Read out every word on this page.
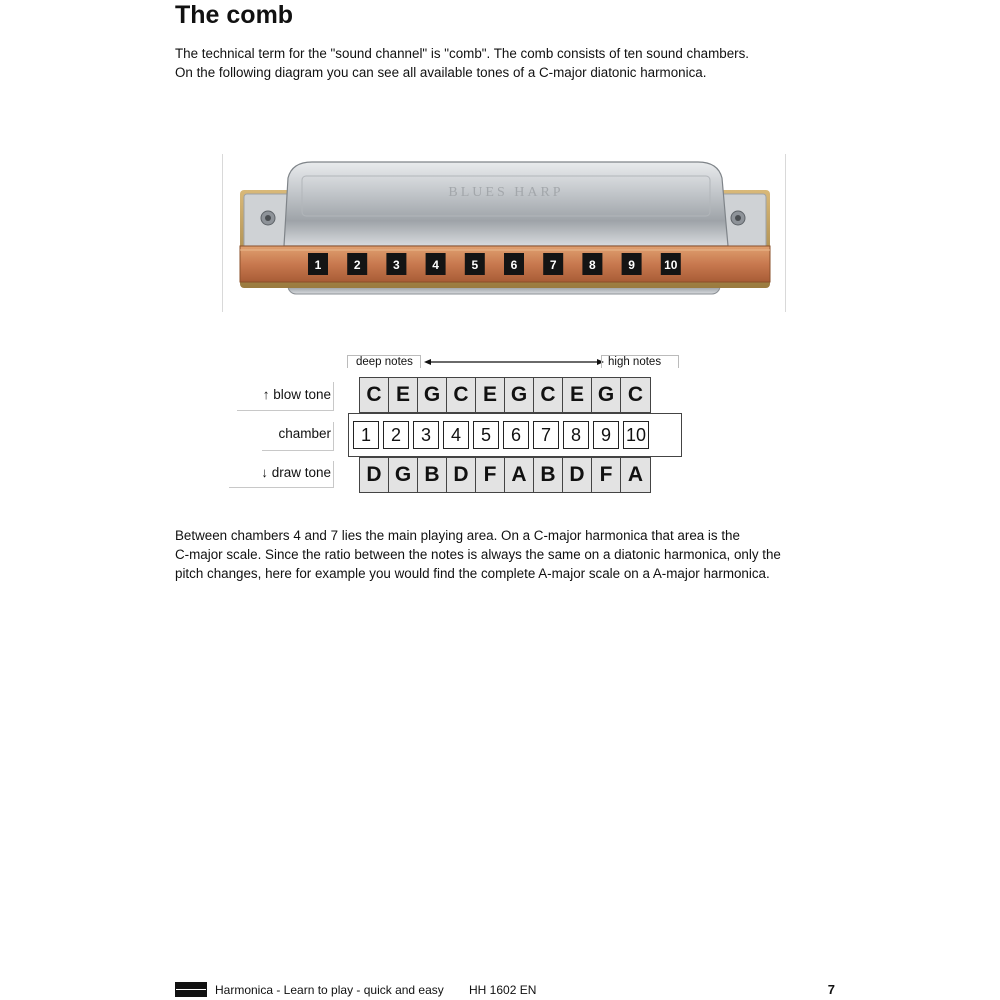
The comb

The technical term for the "sound channel" is "comb". The comb consists of ten sound chambers.
On the following diagram you can see all available tones of a C-major diatonic harmonica.

BLUES HARP
1	2	3	4	5	6	7	8	9 10
deep notes	high notes
↑ blow tone	C E G C E G C E G C
chamber	1	2	3	4	5	6	7	8	9 10
↓ draw tone	D G B D F A B D F A

Between chambers 4 and 7 lies the main playing area. On a C-major harmonica that area is the
C-major scale. Since the ratio between the notes is always the same on a diatonic harmonica, only the
pitch changes, here for example you would find the complete A-major scale on a A-major harmonica.

Harmonica - Learn to play - quick and easy HH 1602 EN	7
